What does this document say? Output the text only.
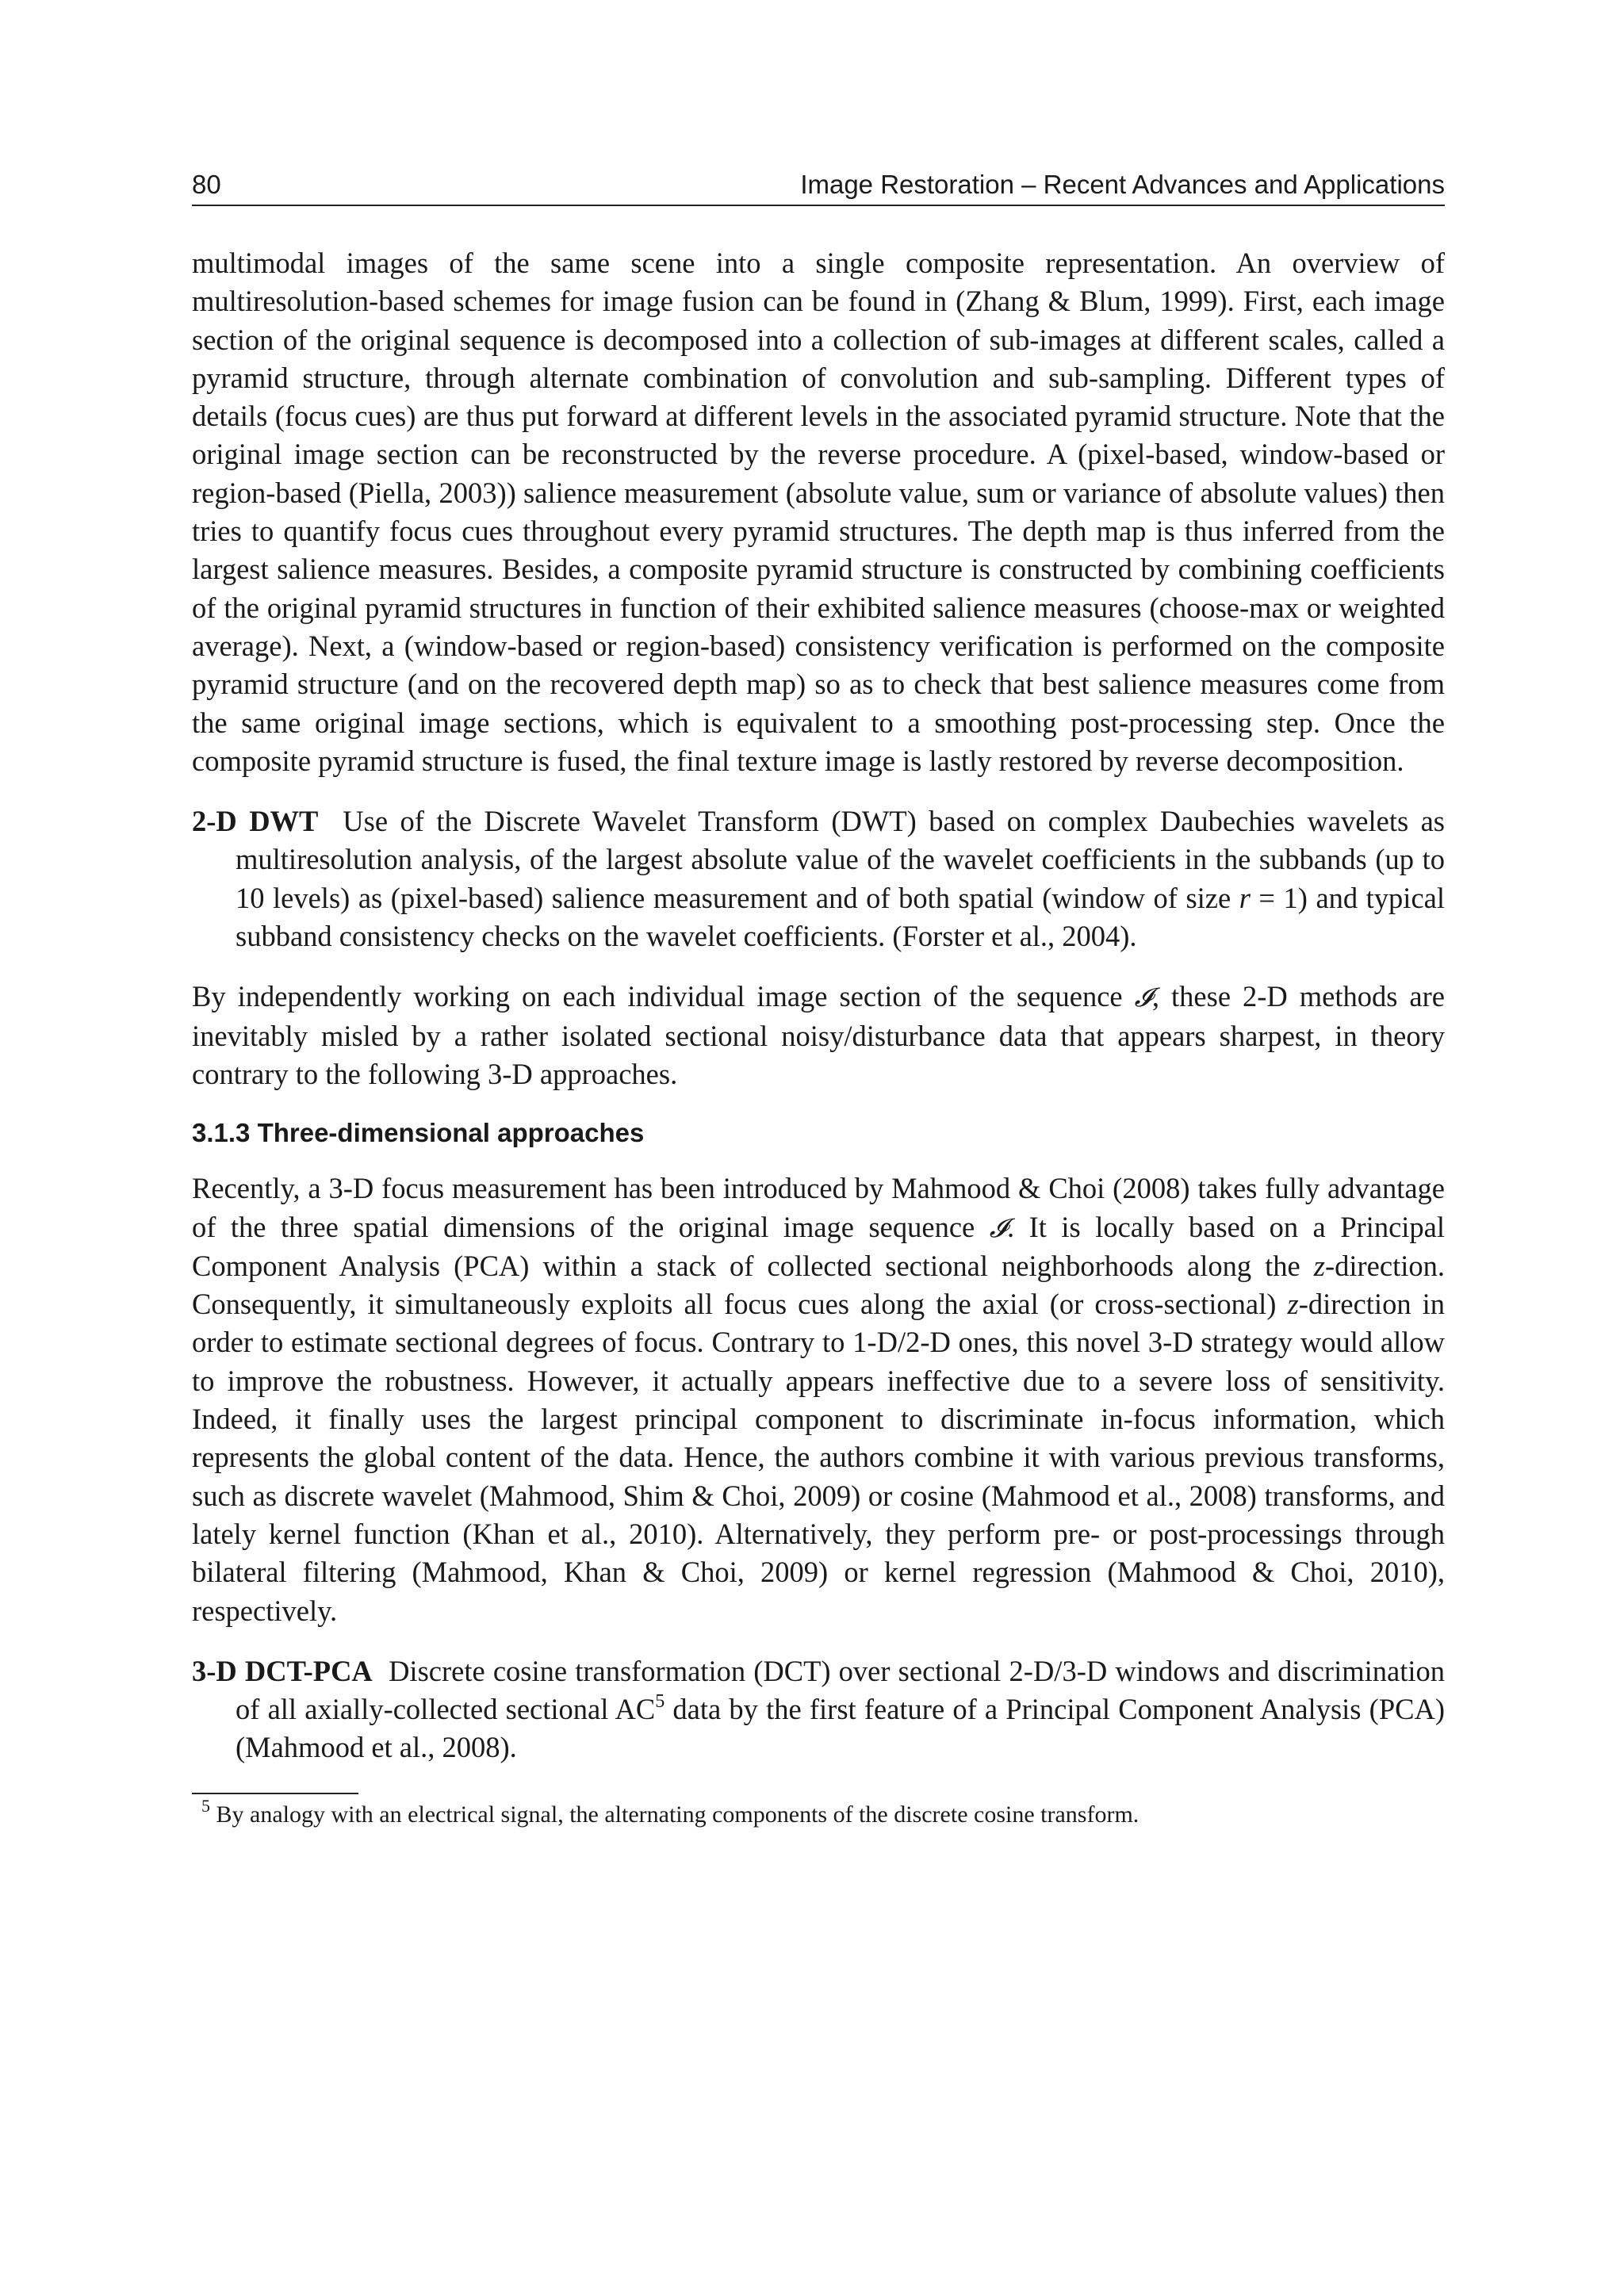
80	Image Restoration – Recent Advances and Applications

multimodal images of the same scene into a single composite representation. An overview of multiresolution-based schemes for image fusion can be found in (Zhang & Blum, 1999). First, each image section of the original sequence is decomposed into a collection of sub-images at different scales, called a pyramid structure, through alternate combination of convolution and sub-sampling. Different types of details (focus cues) are thus put forward at different levels in the associated pyramid structure. Note that the original image section can be reconstructed by the reverse procedure. A (pixel-based, window-based or region-based (Piella, 2003)) salience measurement (absolute value, sum or variance of absolute values) then tries to quantify focus cues throughout every pyramid structures. The depth map is thus inferred from the largest salience measures. Besides, a composite pyramid structure is constructed by combining coefficients of the original pyramid structures in function of their exhibited salience measures (choose-max or weighted average). Next, a (window-based or region-based) consistency verification is performed on the composite pyramid structure (and on the recovered depth map) so as to check that best salience measures come from the same original image sections, which is equivalent to a smoothing post-processing step. Once the composite pyramid structure is fused, the final texture image is lastly restored by reverse decomposition.

2-D DWT Use of the Discrete Wavelet Transform (DWT) based on complex Daubechies wavelets as multiresolution analysis, of the largest absolute value of the wavelet coefficients in the subbands (up to 10 levels) as (pixel-based) salience measurement and of both spatial (window of size r = 1) and typical subband consistency checks on the wavelet coefficients. (Forster et al., 2004).

By independently working on each individual image section of the sequence 𝓘, these 2-D methods are inevitably misled by a rather isolated sectional noisy/disturbance data that appears sharpest, in theory contrary to the following 3-D approaches.

3.1.3 Three-dimensional approaches

Recently, a 3-D focus measurement has been introduced by Mahmood & Choi (2008) takes fully advantage of the three spatial dimensions of the original image sequence 𝓘. It is locally based on a Principal Component Analysis (PCA) within a stack of collected sectional neighborhoods along the z-direction. Consequently, it simultaneously exploits all focus cues along the axial (or cross-sectional) z-direction in order to estimate sectional degrees of focus. Contrary to 1-D/2-D ones, this novel 3-D strategy would allow to improve the robustness. However, it actually appears ineffective due to a severe loss of sensitivity. Indeed, it finally uses the largest principal component to discriminate in-focus information, which represents the global content of the data. Hence, the authors combine it with various previous transforms, such as discrete wavelet (Mahmood, Shim & Choi, 2009) or cosine (Mahmood et al., 2008) transforms, and lately kernel function (Khan et al., 2010). Alternatively, they perform pre- or post-processings through bilateral filtering (Mahmood, Khan & Choi, 2009) or kernel regression (Mahmood & Choi, 2010), respectively.

3-D DCT-PCA Discrete cosine transformation (DCT) over sectional 2-D/3-D windows and discrimination of all axially-collected sectional $AC^5$ data by the first feature of a Principal Component Analysis (PCA) (Mahmood et al., 2008).

$^5$ By analogy with an electrical signal, the alternating components of the discrete cosine transform.
